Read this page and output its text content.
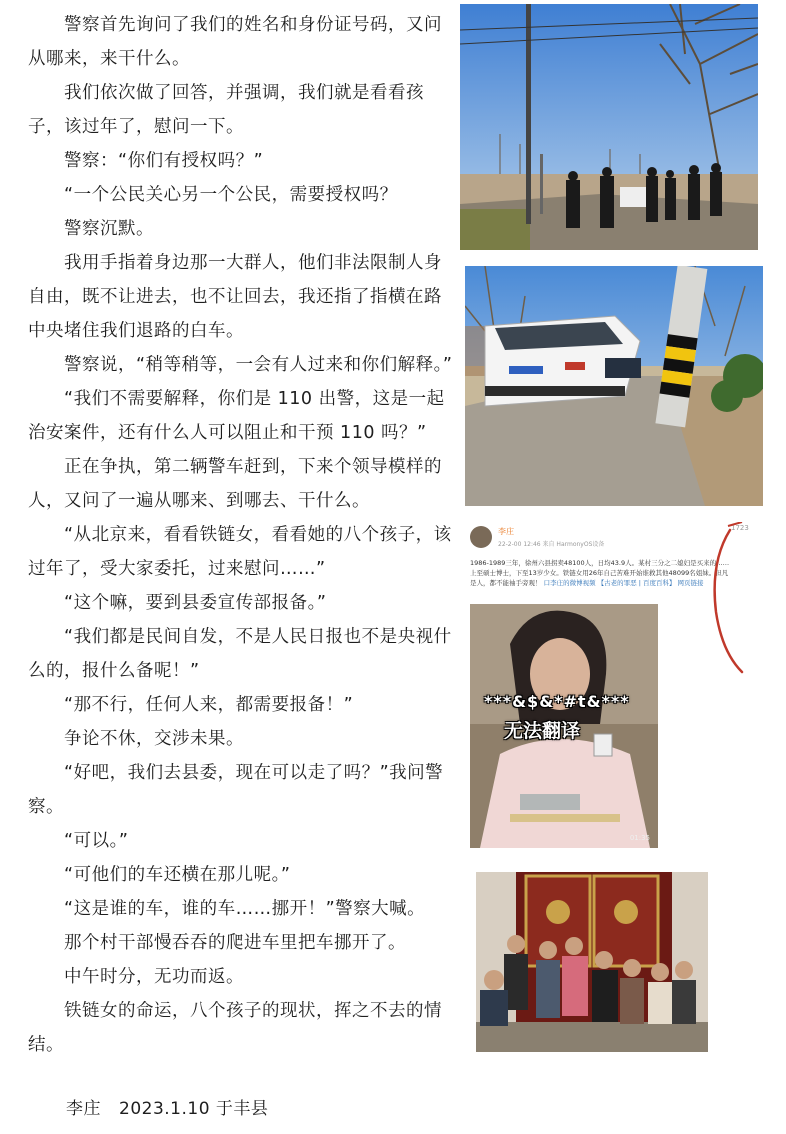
警察首先询问了我们的姓名和身份证号码，又问从哪来，来干什么。

我们依次做了回答，并强调，我们就是看看孩子，该过年了，慰问一下。

警察：“你们有授权吗？”

“一个公民关心另一个公民，需要授权吗？

警察沉默。

我用手指着身边那一大群人，他们非法限制人身自由，既不让进去，也不让回去，我还指了指横在路中央堵住我们退路的白车。

警察说，“稍等稍等，一会有人过来和你们解释。”

“我们不需要解释，你们是 110 出警，这是一起治安案件，还有什么人可以阻止和干预 110 吗？”

正在争执，第二辆警车赶到，下来个领导模样的人，又问了一遍从哪来、到哪去、干什么。

“从北京来，看看铁链女，看看她的八个孩子，该过年了，受大家委托，过来慰问……”

“这个嘛，要到县委宣传部报备。”

“我们都是民间自发，不是人民日报也不是央视什么的，报什么备呢！”

“那不行，任何人来，都需要报备！”

争论不休，交涉未果。

“好吧，我们去县委，现在可以走了吗？”我问警察。

“可以。”

“可他们的车还横在那儿呢。”

“这是谁的车，谁的车……挪开！”警察大喊。

那个村干部慢吞吞的爬进车里把车挪开了。

中午时分，无功而返。

铁链女的命运，八个孩子的现状，挥之不去的情结。

李庄 2023.1.10 于丰县
李庄
22-2-00 12:46 来自 HarmonyOS设备
1723
1986-1989三年，徐州六县拐卖48100人，日均43.9人。某村三分之二媳妇是买来的……上至硕士博士，下至13岁少女。铁链女用26年自己苦难开始谁救其他48099名姐妹。但凡是人，都不能袖手旁观！ 口李庄的微博视频 【古老的罪恶 | 百度百科】 网页链接
***&$&*#t&***
无法翻译
01:35
